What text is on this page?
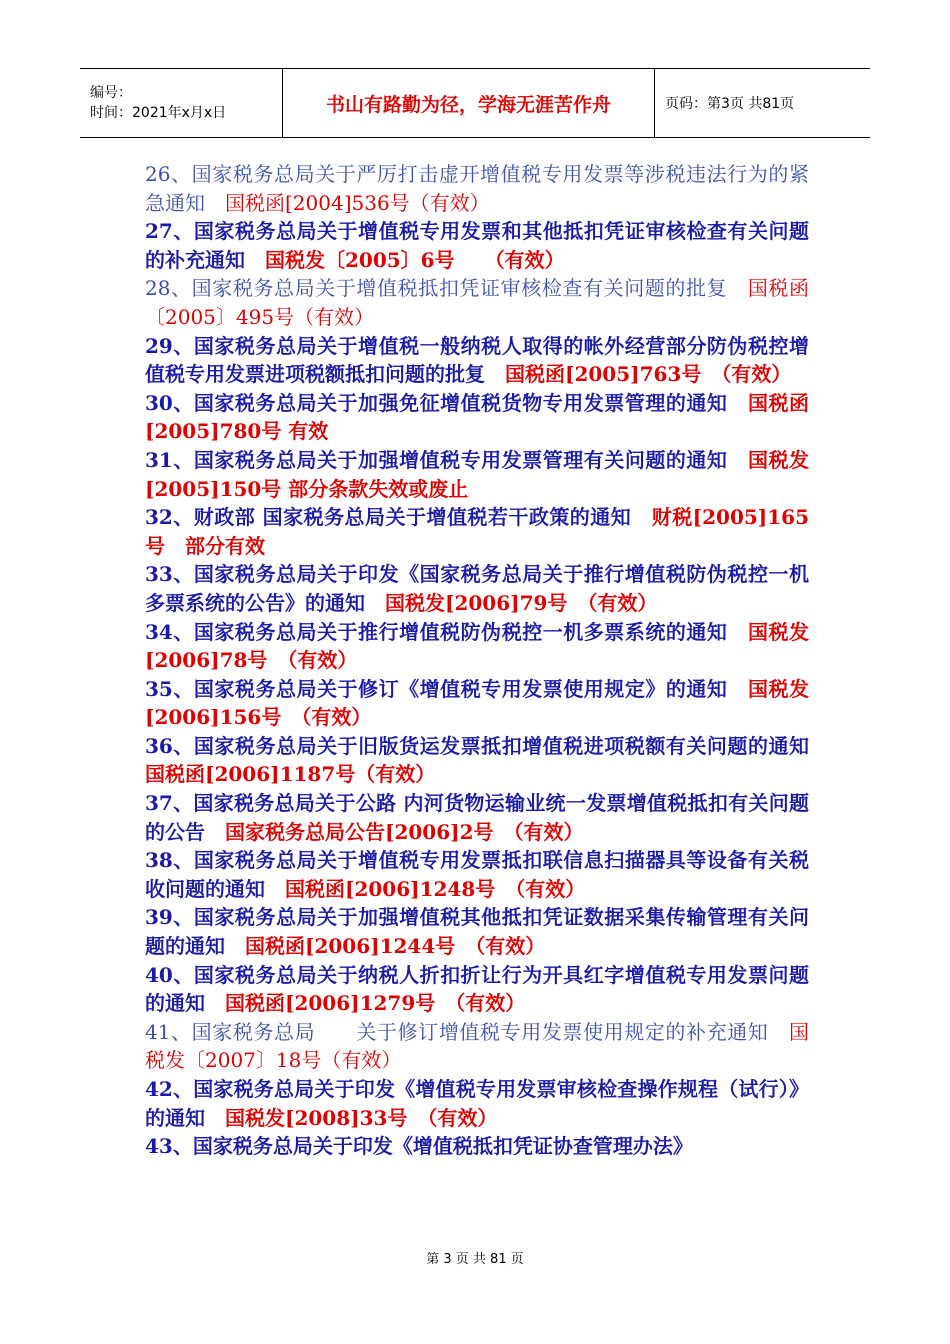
编号：
时间：2021年x月x日	书山有路勤为径，学海无涯苦作舟	页码：第3页 共81页

26、国家税务总局关于严厉打击虚开增值税专用发票等涉税违法行为的紧急通知　 国税函[2004]536号（有效）

27、国家税务总局关于增值税专用发票和其他抵扣凭证审核检查有关问题的补充通知　 国税发〔2005〕6号　　（有效）

28、国家税务总局关于增值税抵扣凭证审核检查有关问题的批复　 国税函〔2005〕495号（有效）

29、国家税务总局关于增值税一般纳税人取得的帐外经营部分防伪税控增值税专用发票进项税额抵扣问题的批复　 国税函[2005]763号　（有效）

30、国家税务总局关于加强免征增值税货物专用发票管理的通知　 国税函[2005]780号 有效

31、国家税务总局关于加强增值税专用发票管理有关问题的通知　 国税发[2005]150号 部分条款失效或废止

32、财政部 国家税务总局关于增值税若干政策的通知　 财税[2005]165号　部分有效

33、国家税务总局关于印发《国家税务总局关于推行增值税防伪税控一机多票系统的公告》的通知　 国税发[2006]79号　（有效）

34、国家税务总局关于推行增值税防伪税控一机多票系统的通知　 国税发[2006]78号　（有效）

35、国家税务总局关于修订《增值税专用发票使用规定》的通知　 国税发[2006]156号　（有效）

36、国家税务总局关于旧版货运发票抵扣增值税进项税额有关问题的通知　国税函[2006]1187号（有效）

37、国家税务总局关于公路 内河货物运输业统一发票增值税抵扣有关问题的公告　 国家税务总局公告[2006]2号　（有效）

38、国家税务总局关于增值税专用发票抵扣联信息扫描器具等设备有关税收问题的通知　 国税函[2006]1248号　（有效）

39、国家税务总局关于加强增值税其他抵扣凭证数据采集传输管理有关问题的通知　 国税函[2006]1244号　（有效）

40、国家税务总局关于纳税人折扣折让行为开具红字增值税专用发票问题的通知　 国税函[2006]1279号　（有效）

41、国家税务总局　　关于修订增值税专用发票使用规定的补充通知　 国税发〔2007〕18号（有效）

42、国家税务总局关于印发《增值税专用发票审核检查操作规程（试行）》的通知　 国税发[2008]33号　（有效）

43、国家税务总局关于印发《增值税抵扣凭证协查管理办法》

第 3 页 共 81 页
